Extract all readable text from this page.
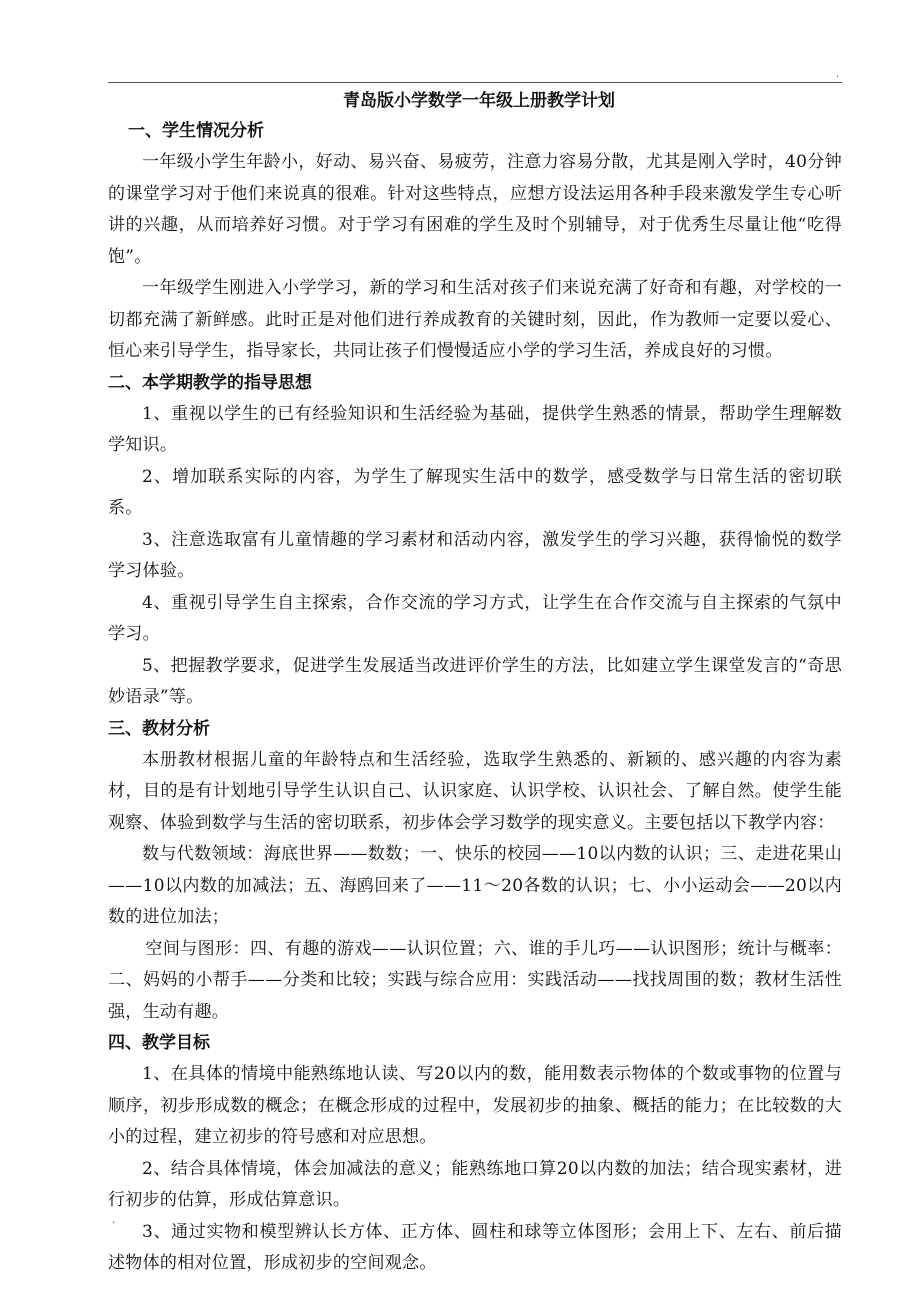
.
青岛版小学数学一年级上册教学计划
一、学生情况分析

一年级小学生年龄小，好动、易兴奋、易疲劳，注意力容易分散，尤其是刚入学时，40分钟的课堂学习对于他们来说真的很难。针对这些特点，应想方设法运用各种手段来激发学生专心听讲的兴趣，从而培养好习惯。对于学习有困难的学生及时个别辅导，对于优秀生尽量让他“吃得饱”。

一年级学生刚进入小学学习，新的学习和生活对孩子们来说充满了好奇和有趣，对学校的一切都充满了新鲜感。此时正是对他们进行养成教育的关键时刻，因此，作为教师一定要以爱心、恒心来引导学生，指导家长，共同让孩子们慢慢适应小学的学习生活，养成良好的习惯。

二、本学期教学的指导思想

1、重视以学生的已有经验知识和生活经验为基础，提供学生熟悉的情景，帮助学生理解数学知识。

2、增加联系实际的内容，为学生了解现实生活中的数学，感受数学与日常生活的密切联系。

3、注意选取富有儿童情趣的学习素材和活动内容，激发学生的学习兴趣，获得愉悦的数学学习体验。

4、重视引导学生自主探索，合作交流的学习方式，让学生在合作交流与自主探索的气氛中学习。

5、把握教学要求，促进学生发展适当改进评价学生的方法，比如建立学生课堂发言的“奇思妙语录”等。

三、教材分析

本册教材根据儿童的年龄特点和生活经验，选取学生熟悉的、新颖的、感兴趣的内容为素材，目的是有计划地引导学生认识自己、认识家庭、认识学校、认识社会、了解自然。使学生能观察、体验到数学与生活的密切联系，初步体会学习数学的现实意义。主要包括以下教学内容：

数与代数领域：海底世界——数数；一、快乐的校园——10以内数的认识；三、走进花果山——10以内数的加减法；五、海鸥回来了——11～20各数的认识；七、小小运动会——20以内数的进位加法；

空间与图形：四、有趣的游戏——认识位置；六、谁的手儿巧——认识图形；统计与概率：二、妈妈的小帮手——分类和比较；实践与综合应用：实践活动——找找周围的数；教材生活性强，生动有趣。

四、教学目标

1、在具体的情境中能熟练地认读、写20以内的数，能用数表示物体的个数或事物的位置与顺序，初步形成数的概念；在概念形成的过程中，发展初步的抽象、概括的能力；在比较数的大小的过程，建立初步的符号感和对应思想。

2、结合具体情境，体会加减法的意义；能熟练地口算20以内数的加法；结合现实素材，进行初步的估算，形成估算意识。

3、通过实物和模型辨认长方体、正方体、圆柱和球等立体图形；会用上下、左右、前后描述物体的相对位置，形成初步的空间观念。

.
